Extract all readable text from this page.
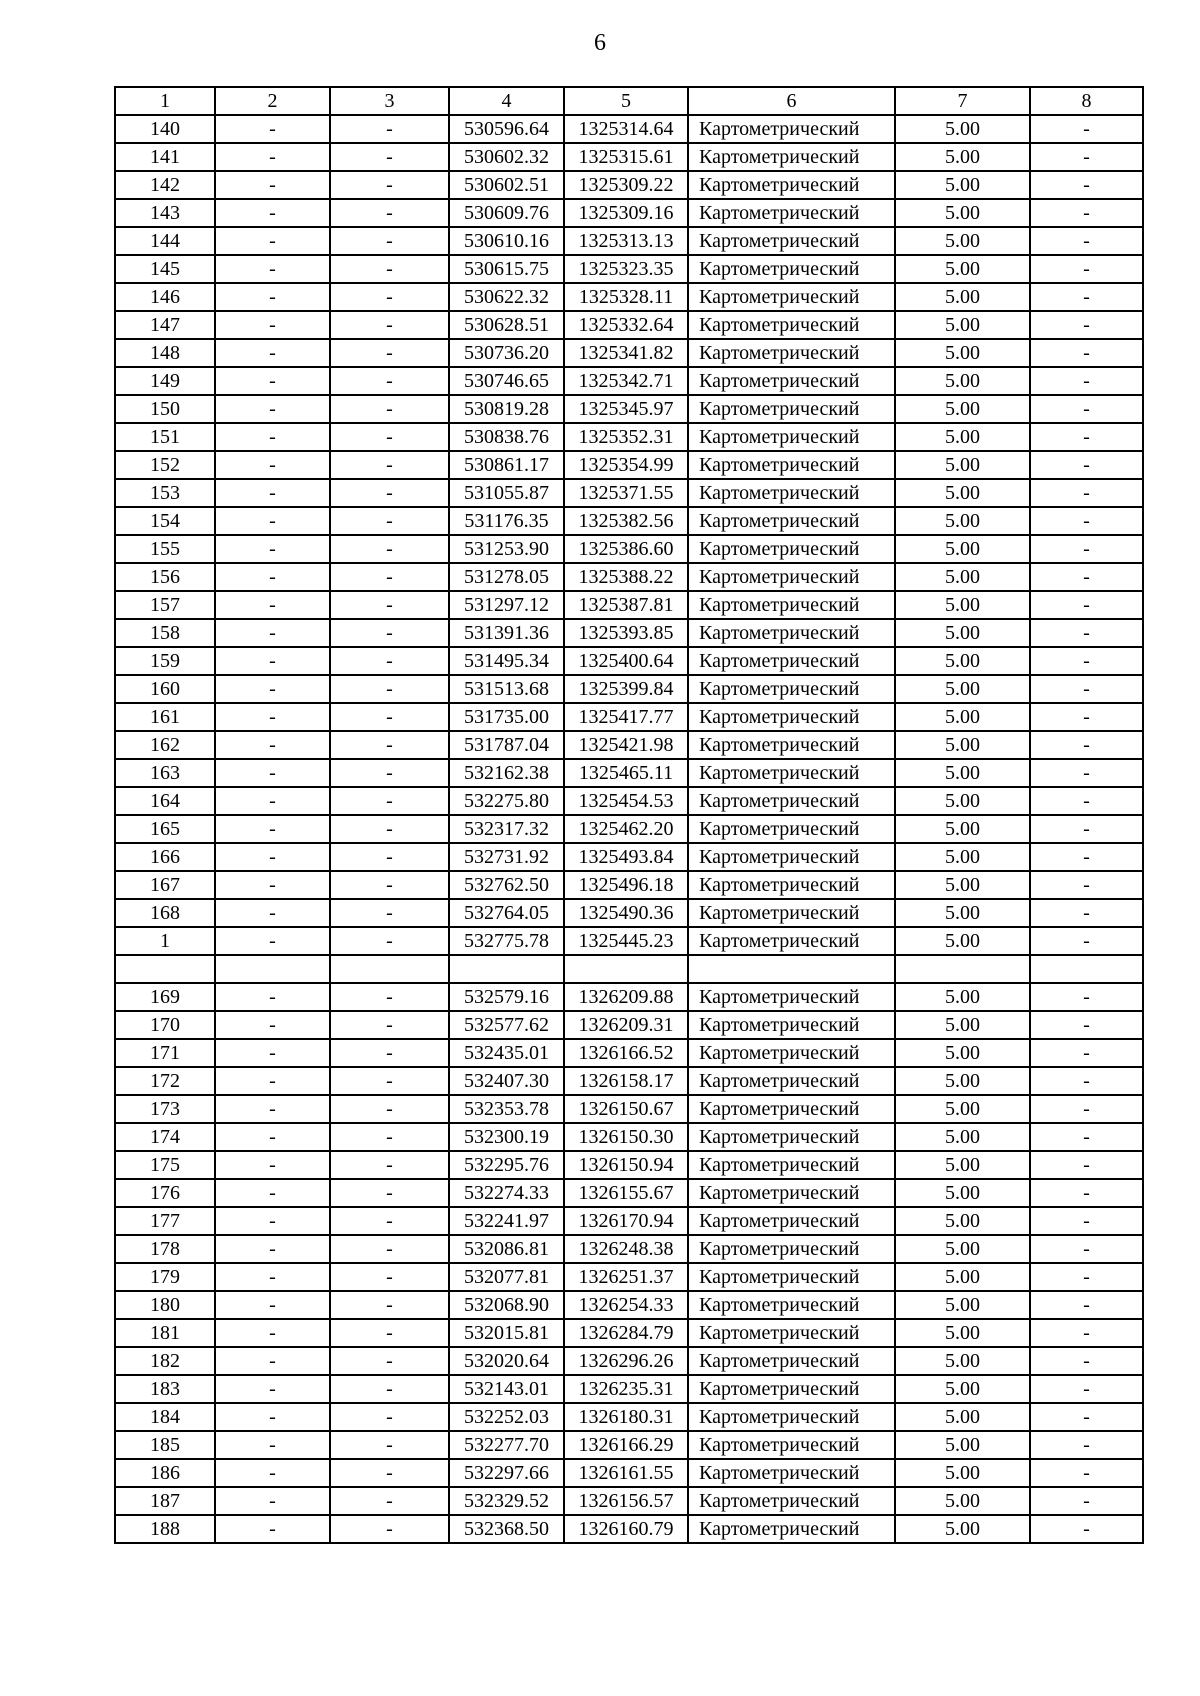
6
1	2	3	4	5	6	7	8
140	-	-	530596.64	1325314.64	Картометрический	5.00	-
141	-	-	530602.32	1325315.61	Картометрический	5.00	-
142	-	-	530602.51	1325309.22	Картометрический	5.00	-
143	-	-	530609.76	1325309.16	Картометрический	5.00	-
144	-	-	530610.16	1325313.13	Картометрический	5.00	-
145	-	-	530615.75	1325323.35	Картометрический	5.00	-
146	-	-	530622.32	1325328.11	Картометрический	5.00	-
147	-	-	530628.51	1325332.64	Картометрический	5.00	-
148	-	-	530736.20	1325341.82	Картометрический	5.00	-
149	-	-	530746.65	1325342.71	Картометрический	5.00	-
150	-	-	530819.28	1325345.97	Картометрический	5.00	-
151	-	-	530838.76	1325352.31	Картометрический	5.00	-
152	-	-	530861.17	1325354.99	Картометрический	5.00	-
153	-	-	531055.87	1325371.55	Картометрический	5.00	-
154	-	-	531176.35	1325382.56	Картометрический	5.00	-
155	-	-	531253.90	1325386.60	Картометрический	5.00	-
156	-	-	531278.05	1325388.22	Картометрический	5.00	-
157	-	-	531297.12	1325387.81	Картометрический	5.00	-
158	-	-	531391.36	1325393.85	Картометрический	5.00	-
159	-	-	531495.34	1325400.64	Картометрический	5.00	-
160	-	-	531513.68	1325399.84	Картометрический	5.00	-
161	-	-	531735.00	1325417.77	Картометрический	5.00	-
162	-	-	531787.04	1325421.98	Картометрический	5.00	-
163	-	-	532162.38	1325465.11	Картометрический	5.00	-
164	-	-	532275.80	1325454.53	Картометрический	5.00	-
165	-	-	532317.32	1325462.20	Картометрический	5.00	-
166	-	-	532731.92	1325493.84	Картометрический	5.00	-
167	-	-	532762.50	1325496.18	Картометрический	5.00	-
168	-	-	532764.05	1325490.36	Картометрический	5.00	-
1	-	-	532775.78	1325445.23	Картометрический	5.00	-

169	-	-	532579.16	1326209.88	Картометрический	5.00	-
170	-	-	532577.62	1326209.31	Картометрический	5.00	-
171	-	-	532435.01	1326166.52	Картометрический	5.00	-
172	-	-	532407.30	1326158.17	Картометрический	5.00	-
173	-	-	532353.78	1326150.67	Картометрический	5.00	-
174	-	-	532300.19	1326150.30	Картометрический	5.00	-
175	-	-	532295.76	1326150.94	Картометрический	5.00	-
176	-	-	532274.33	1326155.67	Картометрический	5.00	-
177	-	-	532241.97	1326170.94	Картометрический	5.00	-
178	-	-	532086.81	1326248.38	Картометрический	5.00	-
179	-	-	532077.81	1326251.37	Картометрический	5.00	-
180	-	-	532068.90	1326254.33	Картометрический	5.00	-
181	-	-	532015.81	1326284.79	Картометрический	5.00	-
182	-	-	532020.64	1326296.26	Картометрический	5.00	-
183	-	-	532143.01	1326235.31	Картометрический	5.00	-
184	-	-	532252.03	1326180.31	Картометрический	5.00	-
185	-	-	532277.70	1326166.29	Картометрический	5.00	-
186	-	-	532297.66	1326161.55	Картометрический	5.00	-
187	-	-	532329.52	1326156.57	Картометрический	5.00	-
188	-	-	532368.50	1326160.79	Картометрический	5.00	-
